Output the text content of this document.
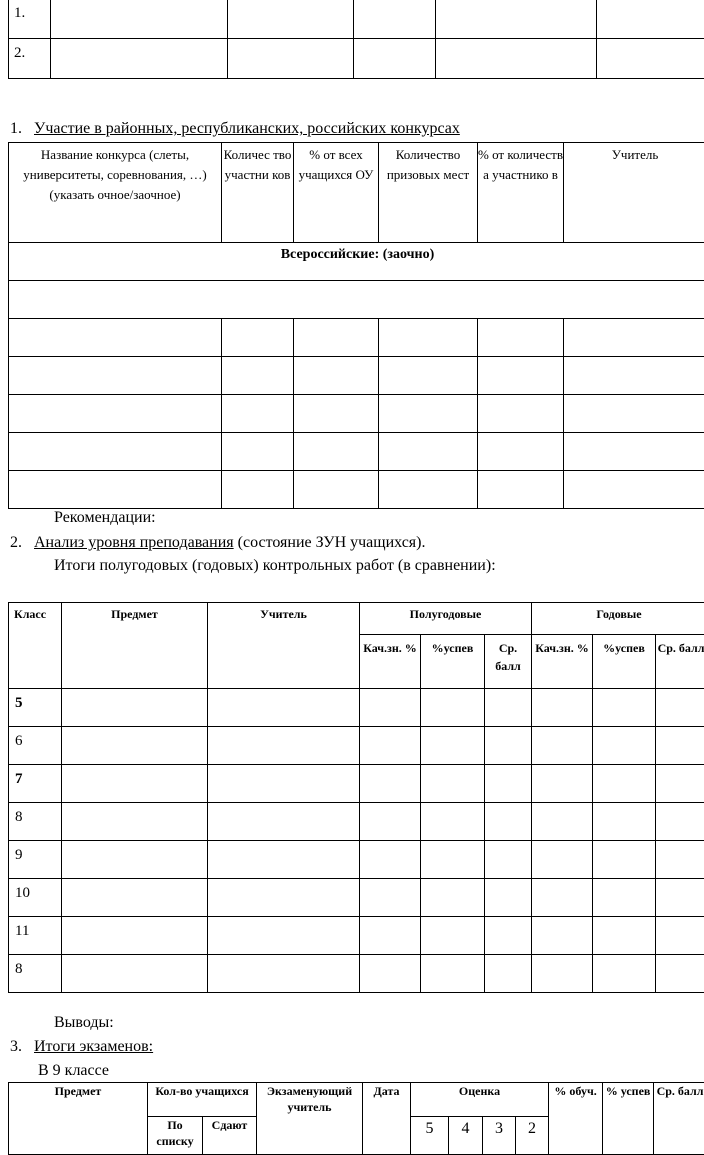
1.					
2.					
1. Участие в районных, республиканских, российских конкурсах
Название конкурса (слеты, университеты, соревнования, …) (указать очное/заочное)	Количес тво участни ков	% от всех учащихся ОУ	Количество призовых мест	% от количеств а участнико в	Учитель
Всероссийские: (заочно)					

Рекомендации:
2. Анализ уровня преподавания (состояние ЗУН учащихся).
Итоги полугодовых (годовых) контрольных работ (в сравнении):
Класс	Предмет	Учитель	Полугодовые			Годовые		
			Кач.зн. %	%успев	Ср. балл	Кач.зн. %	%успев	Ср. балл
5								
6								
7								
8								
9								
10								
11								
8								
Выводы:
3. Итоги экзаменов:
В 9 классе
Предмет	Кол-во учащихся		Экзаменующий учитель	Дата	Оценка				% обуч.	% успев	Ср. балл
	По списку	Сдают			5	4	3	2			
